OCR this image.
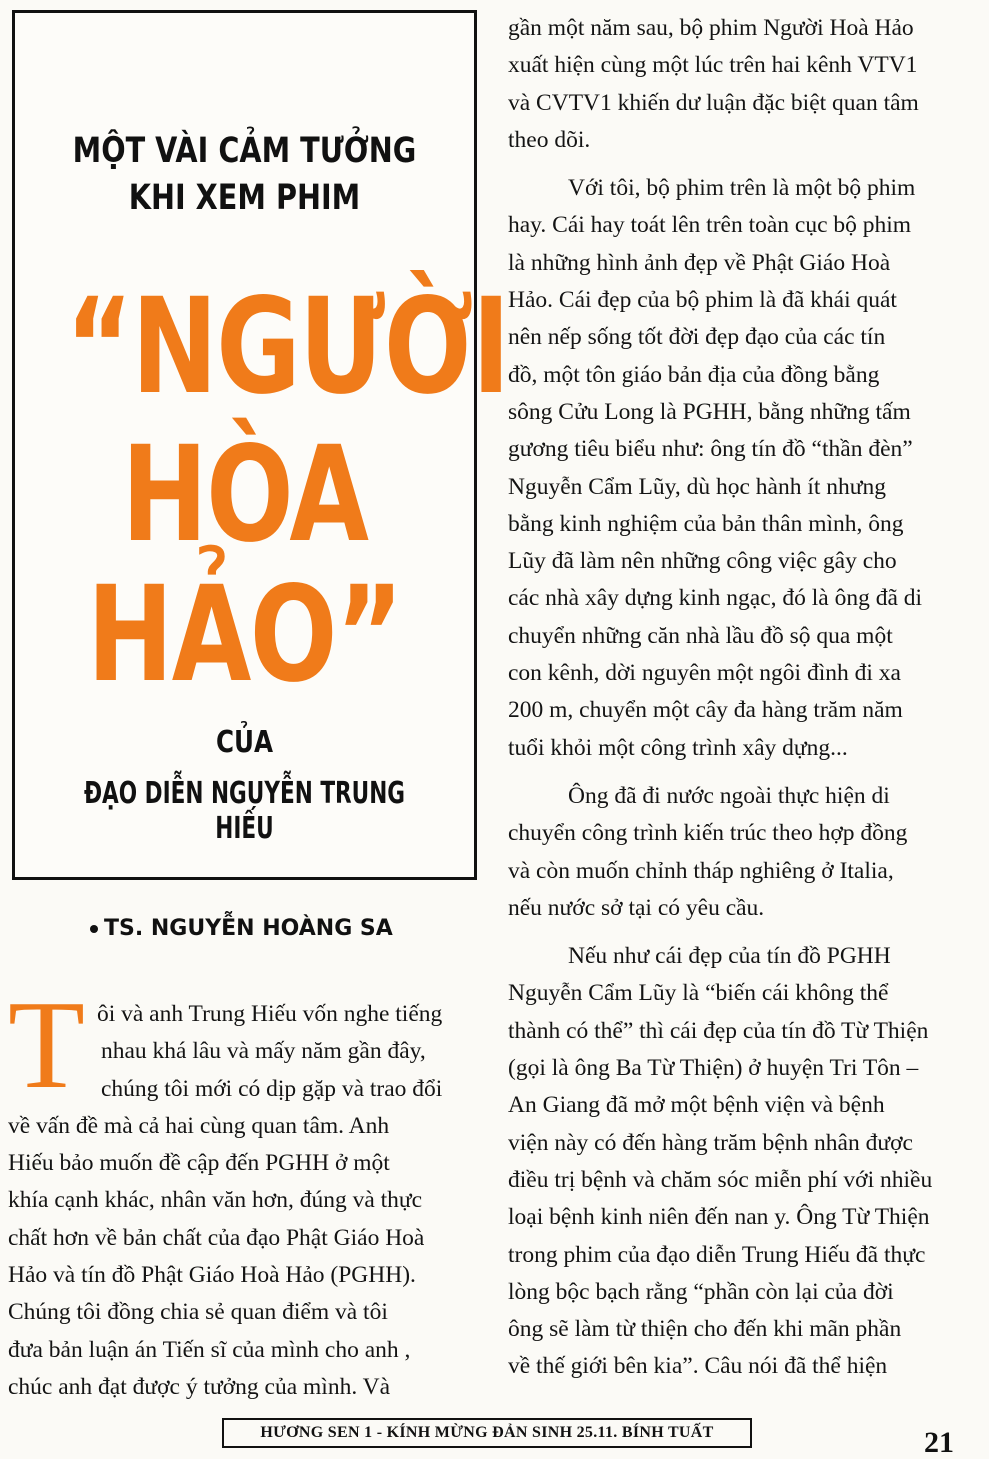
MỘT VÀI CẢM TƯỞNG
KHI XEM PHIM
“NGƯỜI
HÒA
HẢO”
CỦA
ĐẠO DIỄN NGUYỄN TRUNG HIẾU
TS. NGUYỄN HOÀNG SA

T ôi và anh Trung Hiếu vốn nghe tiếng
nhau khá lâu và mấy năm gần đây,
chúng tôi mới có dịp gặp và trao đổi
về vấn đề mà cả hai cùng quan tâm. Anh
Hiếu bảo muốn đề cập đến PGHH ở một
khía cạnh khác, nhân văn hơn, đúng và thực
chất hơn về bản chất của đạo Phật Giáo Hoà
Hảo và tín đồ Phật Giáo Hoà Hảo (PGHH).
Chúng tôi đồng chia sẻ quan điểm và tôi
đưa bản luận án Tiến sĩ của mình cho anh ,
chúc anh đạt được ý tưởng của mình. Và

gần một năm sau, bộ phim Người Hoà Hảo
xuất hiện cùng một lúc trên hai kênh VTV1
và CVTV1 khiến dư luận đặc biệt quan tâm
theo dõi.

Với tôi, bộ phim trên là một bộ phim
hay. Cái hay toát lên trên toàn cục bộ phim
là những hình ảnh đẹp về Phật Giáo Hoà
Hảo. Cái đẹp của bộ phim là đã khái quát
nên nếp sống tốt đời đẹp đạo của các tín
đồ, một tôn giáo bản địa của đồng bằng
sông Cửu Long là PGHH, bằng những tấm
gương tiêu biểu như: ông tín đồ “thần đèn”
Nguyễn Cẩm Lũy, dù học hành ít nhưng
bằng kinh nghiệm của bản thân mình, ông
Lũy đã làm nên những công việc gây cho
các nhà xây dựng kinh ngạc, đó là ông đã di
chuyển những căn nhà lầu đồ sộ qua một
con kênh, dời nguyên một ngôi đình đi xa
200 m, chuyển một cây đa hàng trăm năm
tuổi khỏi một công trình xây dựng...

Ông đã đi nước ngoài thực hiện di
chuyển công trình kiến trúc theo hợp đồng
và còn muốn chỉnh tháp nghiêng ở Italia,
nếu nước sở tại có yêu cầu.

Nếu như cái đẹp của tín đồ PGHH
Nguyễn Cẩm Lũy là “biến cái không thể
thành có thể” thì cái đẹp của tín đồ Từ Thiện
(gọi là ông Ba Từ Thiện) ở huyện Tri Tôn –
An Giang đã mở một bệnh viện và bệnh
viện này có đến hàng trăm bệnh nhân được
điều trị bệnh và chăm sóc miễn phí với nhiều
loại bệnh kinh niên đến nan y. Ông Từ Thiện
trong phim của đạo diễn Trung Hiếu đã thực
lòng bộc bạch rằng “phần còn lại của đời
ông sẽ làm từ thiện cho đến khi mãn phần
về thế giới bên kia”. Câu nói đã thể hiện

HƯƠNG SEN 1 - KÍNH MỪNG ĐẢN SINH 25.11. BÍNH TUẤT	21
